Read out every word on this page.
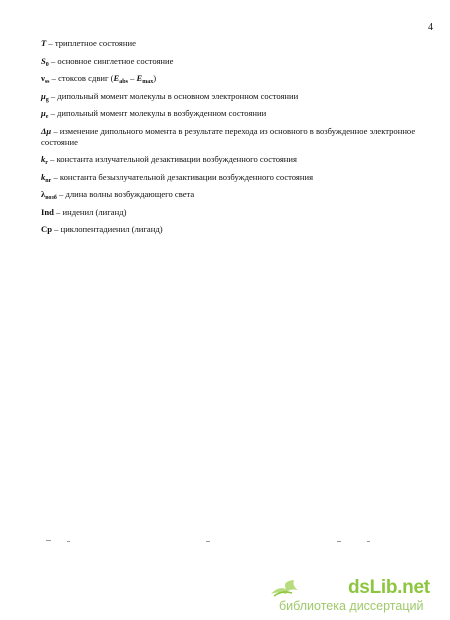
4
T – триплетное состояние
$S_0$ – основное синглетное состояние
$\nu_{ss}$ – стоксов сдвиг $(E_{abs} - E_{max})$
$\mu_g$ – дипольный момент молекулы в основном электронном состоянии
$\mu_e$ – дипольный момент молекулы в возбужденном состоянии
Δμ – изменение дипольного момента в результате перехода из основного в возбужденное электронное состояние
$k_r$ – константа излучательной дезактивации возбужденного состояния
$k_{nr}$ – константа безызлучательной дезактивации возбужденного состояния
$\lambda_{возб}$ – длина волны возбуждающего света
Ind – инденил (лиганд)
Cp – циклопентадиенил (лиганд)
dsLib.net
библиотека диссертаций
